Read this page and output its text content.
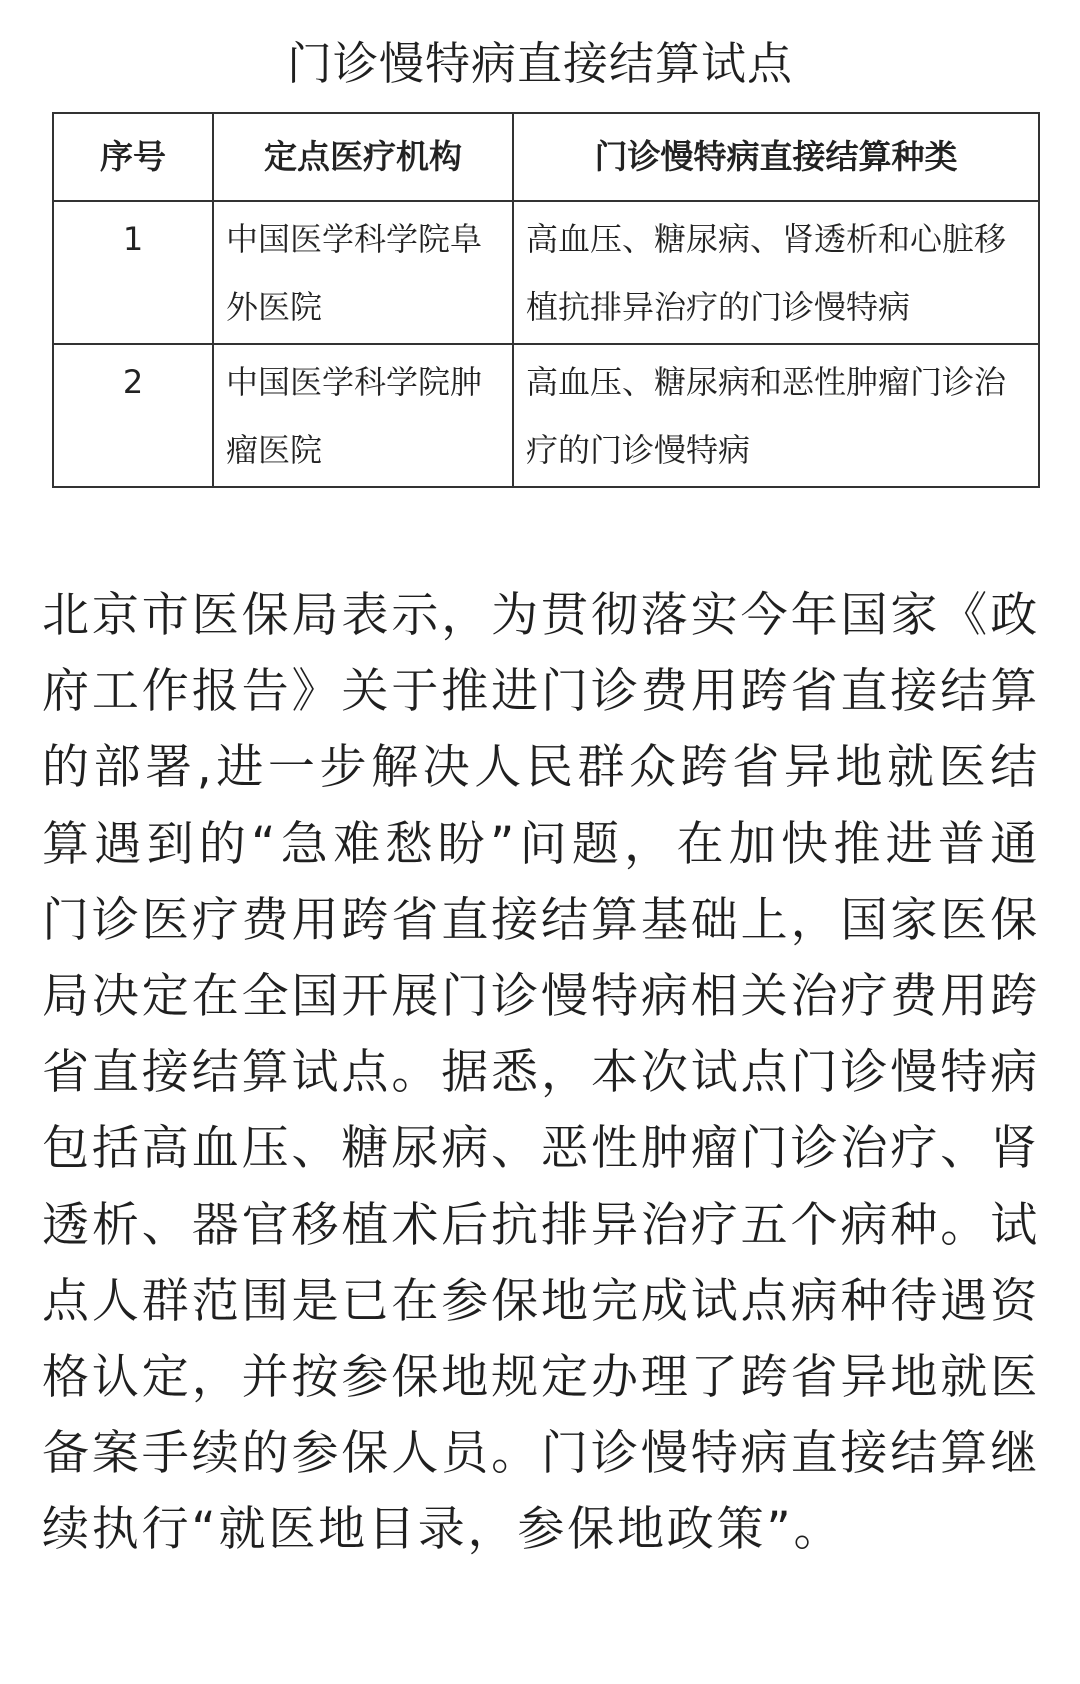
门诊慢特病直接结算试点
序号	定点医疗机构	门诊慢特病直接结算种类
1	中国医学科学院阜外医院	高血压、糖尿病、肾透析和心脏移植抗排异治疗的门诊慢特病
2	中国医学科学院肿瘤医院	高血压、糖尿病和恶性肿瘤门诊治疗的门诊慢特病
北京市医保局表示，为贯彻落实今年国家《政府工作报告》关于推进门诊费用跨省直接结算的部署,进一步解决人民群众跨省异地就医结算遇到的“急难愁盼”问题，在加快推进普通门诊医疗费用跨省直接结算基础上，国家医保局决定在全国开展门诊慢特病相关治疗费用跨省直接结算试点。据悉，本次试点门诊慢特病包括高血压、糖尿病、恶性肿瘤门诊治疗、肾透析、器官移植术后抗排异治疗五个病种。试点人群范围是已在参保地完成试点病种待遇资格认定，并按参保地规定办理了跨省异地就医备案手续的参保人员。门诊慢特病直接结算继续执行“就医地目录，参保地政策”。
